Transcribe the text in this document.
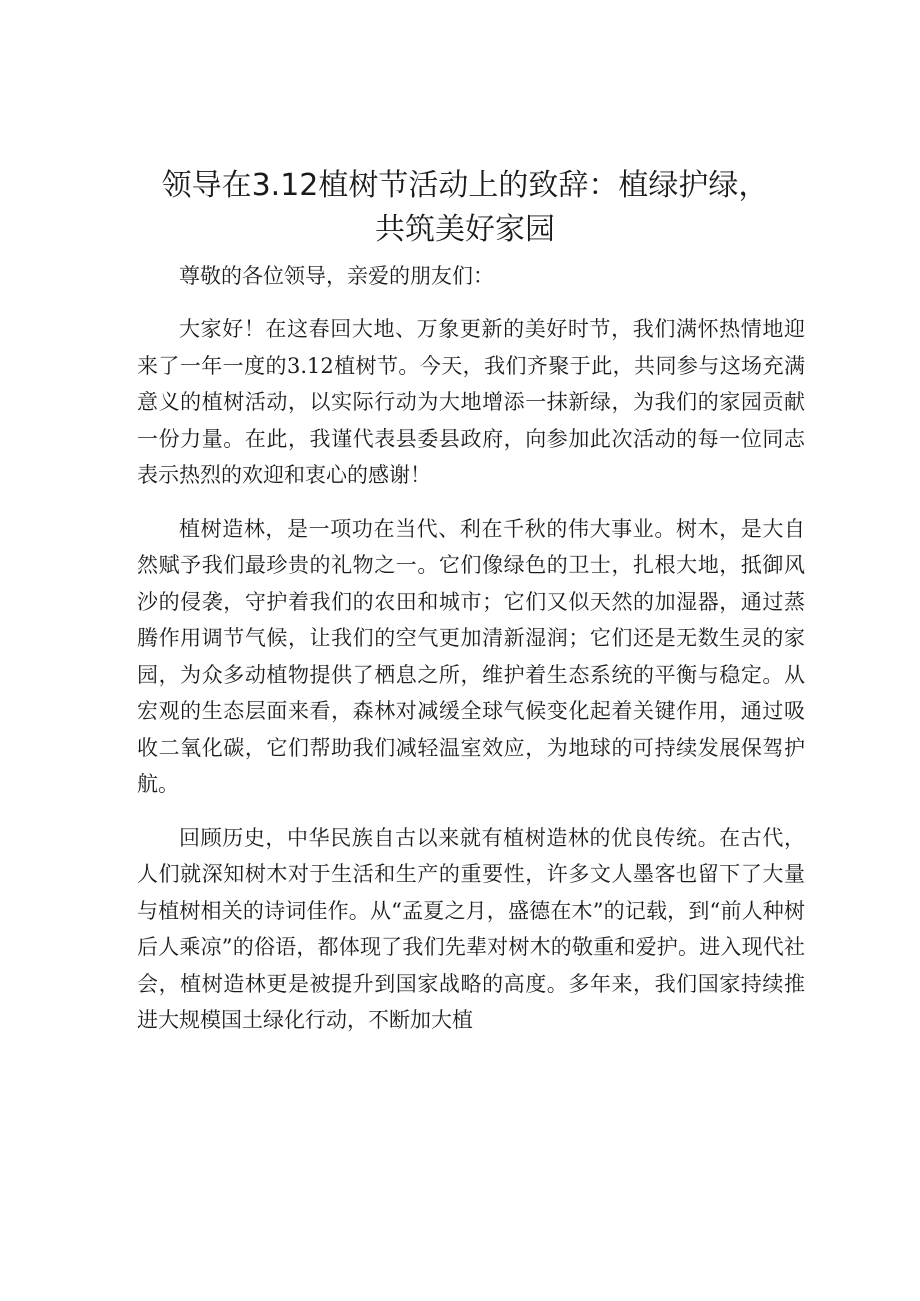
领导在3.12植树节活动上的致辞：植绿护绿，
共筑美好家园

尊敬的各位领导，亲爱的朋友们：

大家好！在这春回大地、万象更新的美好时节，我们满怀热情地迎来了一年一度的3.12植树节。今天，我们齐聚于此，共同参与这场充满意义的植树活动，以实际行动为大地增添一抹新绿，为我们的家园贡献一份力量。在此，我谨代表县委县政府，向参加此次活动的每一位同志表示热烈的欢迎和衷心的感谢！

植树造林，是一项功在当代、利在千秋的伟大事业。树木，是大自然赋予我们最珍贵的礼物之一。它们像绿色的卫士，扎根大地，抵御风沙的侵袭，守护着我们的农田和城市；它们又似天然的加湿器，通过蒸腾作用调节气候，让我们的空气更加清新湿润；它们还是无数生灵的家园，为众多动植物提供了栖息之所，维护着生态系统的平衡与稳定。从宏观的生态层面来看，森林对减缓全球气候变化起着关键作用，通过吸收二氧化碳，它们帮助我们减轻温室效应，为地球的可持续发展保驾护航。

回顾历史，中华民族自古以来就有植树造林的优良传统。在古代，人们就深知树木对于生活和生产的重要性，许多文人墨客也留下了大量与植树相关的诗词佳作。从“孟夏之月，盛德在木”的记载，到“前人种树后人乘凉”的俗语，都体现了我们先辈对树木的敬重和爱护。进入现代社会，植树造林更是被提升到国家战略的高度。多年来，我们国家持续推进大规模国土绿化行动，不断加大植
